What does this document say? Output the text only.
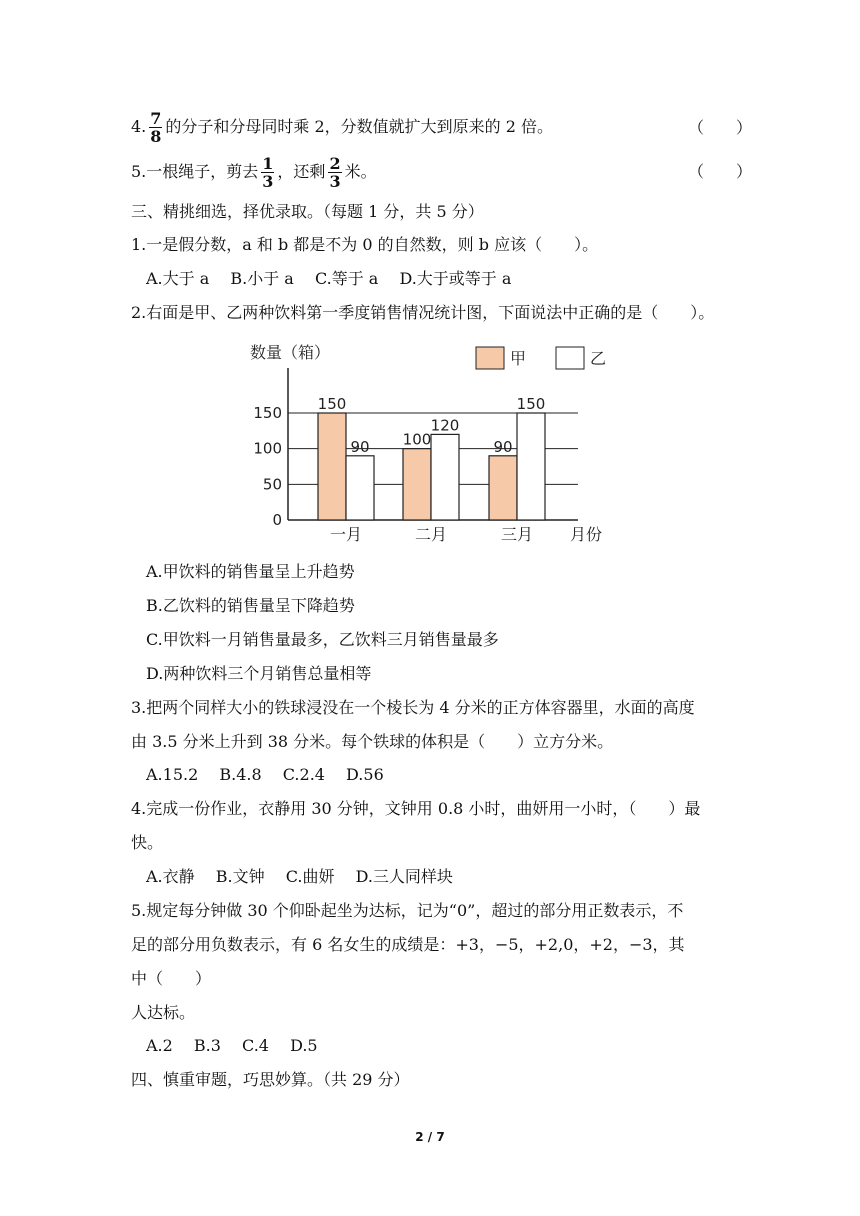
4. $\frac{7}{8}$ 的分子和分母同时乘 2，分数值就扩大到原来的 2 倍。	（　　）
5.一根绳子，剪去 $\frac{1}{3}$ ，还剩 $\frac{2}{3}$ 米。	（　　）
三、精挑细选，择优录取。（每题 1 分，共 5 分）
1.一是假分数，a 和 b 都是不为 0 的自然数，则 b 应该（　　）。
A.大于 a B.小于 a C.等于 a D.大于或等于 a
2.右面是甲、乙两种饮料第一季度销售情况统计图，下面说法中正确的是（　　）。
0
50
100
150
数量（箱）
月份
甲	乙
150
90
一月
100
120
二月
90
150
三月
A.甲饮料的销售量呈上升趋势
B.乙饮料的销售量呈下降趋势
C.甲饮料一月销售量最多，乙饮料三月销售量最多
D.两种饮料三个月销售总量相等
3.把两个同样大小的铁球浸没在一个棱长为 4 分米的正方体容器里，水面的高度
由 3.5 分米上升到 38 分米。每个铁球的体积是（　　）立方分米。
A.15.2 B.4.8 C.2.4 D.56
4.完成一份作业，衣静用 30 分钟，文钟用 0.8 小时，曲妍用一小时，（　　）最
快。
A.衣静 B.文钟 C.曲妍 D.三人同样块
5.规定每分钟做 30 个仰卧起坐为达标，记为“0”，超过的部分用正数表示，不
足的部分用负数表示，有 6 名女生的成绩是：+3，−5，+2,0，+2，−3，其
中（　　）
人达标。
A.2 B.3 C.4 D.5
四、慎重审题，巧思妙算。（共 29 分）
2 / 7
